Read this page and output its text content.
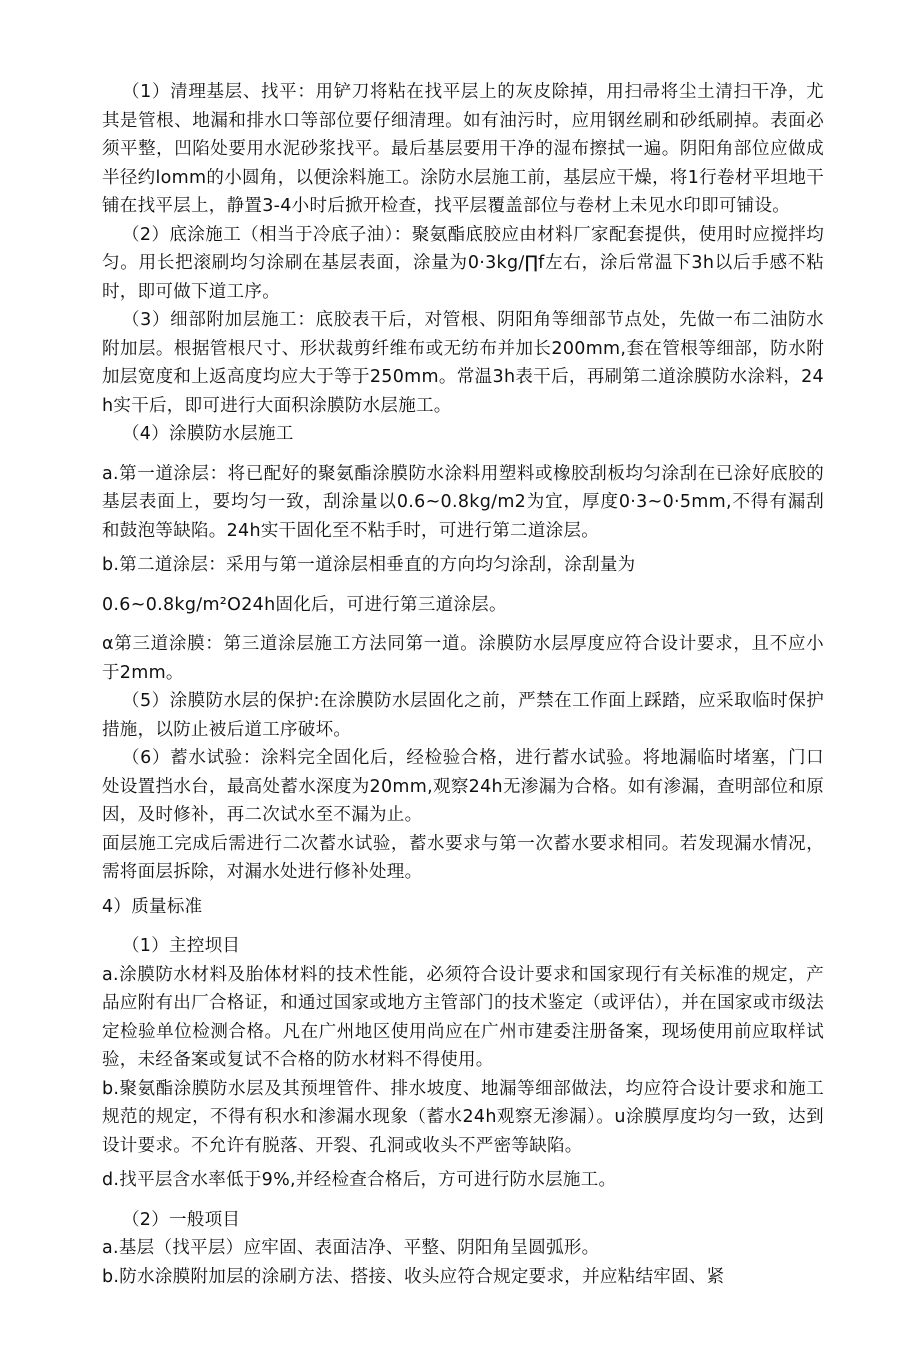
（1）清理基层、找平：用铲刀将粘在找平层上的灰皮除掉，用扫帚将尘土清扫干净，尤其是管根、地漏和排水口等部位要仔细清理。如有油污时，应用钢丝刷和砂纸刷掉。表面必须平整，凹陷处要用水泥砂浆找平。最后基层要用干净的湿布擦拭一遍。阴阳角部位应做成半径约lomm的小圆角，以便涂料施工。涂防水层施工前，基层应干燥，将1行卷材平坦地干铺在找平层上，静置3-4小时后掀开检查，找平层覆盖部位与卷材上未见水印即可铺设。

（2）底涂施工（相当于冷底子油）：聚氨酯底胶应由材料厂家配套提供，使用时应搅拌均匀。用长把滚刷均匀涂刷在基层表面，涂量为0·3kg∕∏f左右，涂后常温下3h以后手感不粘时，即可做下道工序。

（3）细部附加层施工：底胶表干后，对管根、阴阳角等细部节点处，先做一布二油防水附加层。根据管根尺寸、形状裁剪纤维布或无纺布并加长200mm,套在管根等细部，防水附加层宽度和上返高度均应大于等于250mm。常温3h表干后，再刷第二道涂膜防水涂料，24h实干后，即可进行大面积涂膜防水层施工。

（4）涂膜防水层施工

a.第一道涂层：将已配好的聚氨酯涂膜防水涂料用塑料或橡胶刮板均匀涂刮在已涂好底胶的基层表面上，要均匀一致，刮涂量以0.6~0.8kg∕m2为宜，厚度0·3~0·5mm,不得有漏刮和鼓泡等缺陷。24h实干固化至不粘手时，可进行第二道涂层。

b.第二道涂层：采用与第一道涂层相垂直的方向均匀涂刮，涂刮量为

0.6~0.8kg∕m²O24h固化后，可进行第三道涂层。

α第三道涂膜：第三道涂层施工方法同第一道。涂膜防水层厚度应符合设计要求，且不应小于2mm。

（5）涂膜防水层的保护:在涂膜防水层固化之前，严禁在工作面上踩踏，应采取临时保护措施，以防止被后道工序破坏。

（6）蓄水试验：涂料完全固化后，经检验合格，进行蓄水试验。将地漏临时堵塞，门口处设置挡水台，最高处蓄水深度为20mm,观察24h无渗漏为合格。如有渗漏，查明部位和原因，及时修补，再二次试水至不漏为止。

面层施工完成后需进行二次蓄水试验，蓄水要求与第一次蓄水要求相同。若发现漏水情况，需将面层拆除，对漏水处进行修补处理。

4）质量标准

（1）主控坝目

a.涂膜防水材料及胎体材料的技术性能，必须符合设计要求和国家现行有关标准的规定，产品应附有出厂合格证，和通过国家或地方主管部门的技术鉴定（或评估），并在国家或市级法定检验单位检测合格。凡在广州地区使用尚应在广州市建委注册备案，现场使用前应取样试验，未经备案或复试不合格的防水材料不得使用。

b.聚氨酯涂膜防水层及其预埋管件、排水坡度、地漏等细部做法，均应符合设计要求和施工规范的规定，不得有积水和渗漏水现象（蓄水24h观察无渗漏）。u涂膜厚度均匀一致，达到设计要求。不允许有脱落、开裂、孔洞或收头不严密等缺陷。

d.找平层含水率低于9%,并经检查合格后，方可进行防水层施工。

（2）一般项目

a.基层（找平层）应牢固、表面洁净、平整、阴阳角呈圆弧形。

b.防水涂膜附加层的涂刷方法、搭接、收头应符合规定要求，并应粘结牢固、紧
